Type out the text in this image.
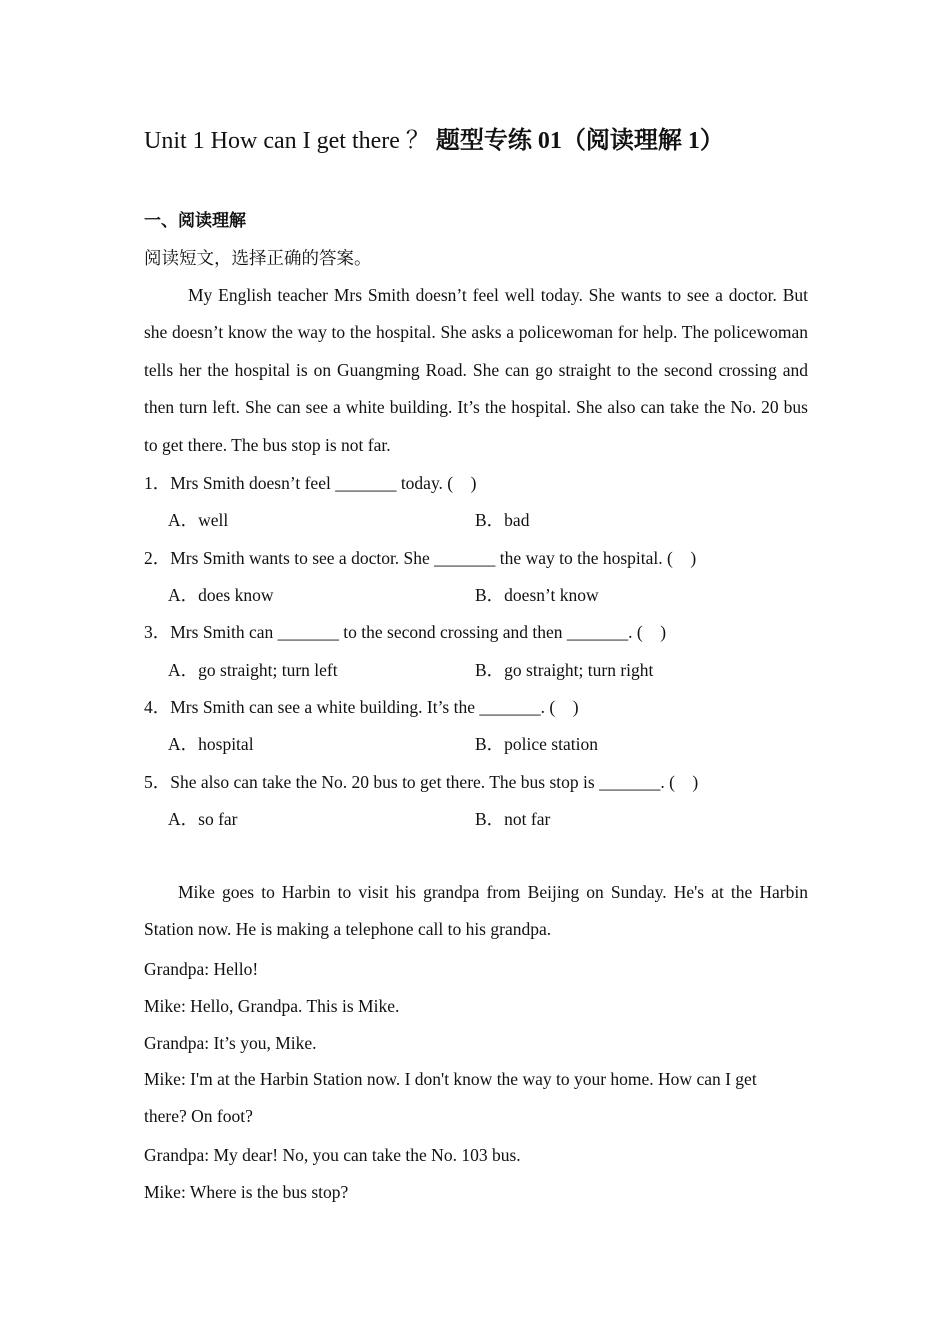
Unit 1 How can I get there ？ 题型专练 01（阅读理解 1）
一、阅读理解
阅读短文，选择正确的答案。
My English teacher Mrs Smith doesn’t feel well today. She wants to see a doctor. But she doesn’t know the way to the hospital. She asks a policewoman for help. The policewoman tells her the hospital is on Guangming Road. She can go straight to the second crossing and then turn left. She can see a white building. It’s the hospital. She also can take the No. 20 bus to get there. The bus stop is not far.
1．Mrs Smith doesn’t feel _______ today. (　)
A．well	B．bad
2．Mrs Smith wants to see a doctor. She _______ the way to the hospital. (　)
A．does know	B．doesn’t know
3．Mrs Smith can _______ to the second crossing and then _______. (　)
A．go straight; turn left	B．go straight; turn right
4．Mrs Smith can see a white building. It’s the _______. (　)
A．hospital	B．police station
5．She also can take the No. 20 bus to get there. The bus stop is _______. (　)
A．so far	B．not far
Mike goes to Harbin to visit his grandpa from Beijing on Sunday. He's at the Harbin Station now. He is making a telephone call to his grandpa.
Grandpa: Hello!
Mike: Hello, Grandpa. This is Mike.
Grandpa: It’s you, Mike.
Mike: I'm at the Harbin Station now. I don't know the way to your home. How can I get there? On foot?
Grandpa: My dear! No, you can take the No. 103 bus.
Mike: Where is the bus stop?
